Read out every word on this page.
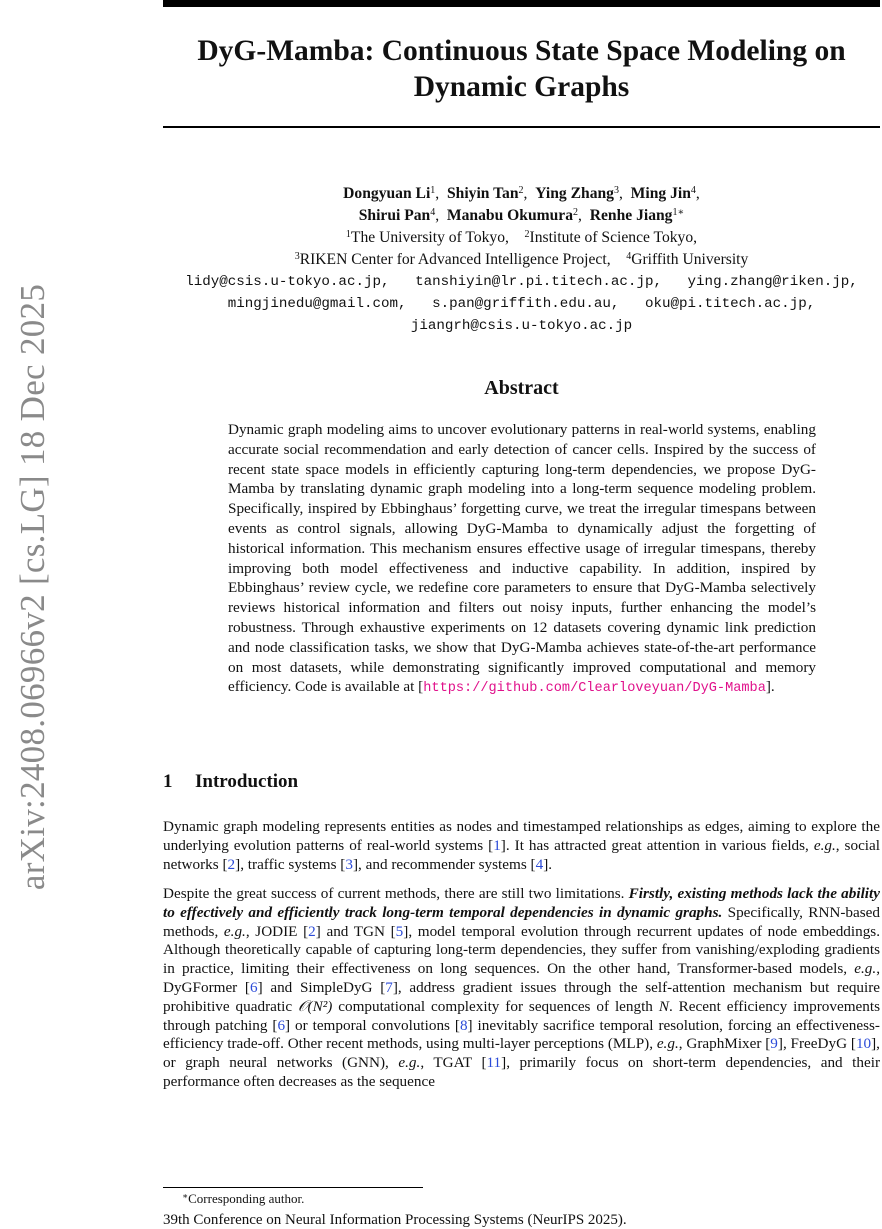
arXiv:2408.06966v2 [cs.LG] 18 Dec 2025
DyG-Mamba: Continuous State Space Modeling on
Dynamic Graphs
Dongyuan Li$^1$,  Shiyin Tan$^2$,  Ying Zhang$^3$,  Ming Jin$^4$,
Shirui Pan$^4$,  Manabu Okumura$^2$,  Renhe Jiang$^{1∗}$
$^1$The University of Tokyo,    $^2$Institute of Science Tokyo,
$^3$RIKEN Center for Advanced Intelligence Project,    $^4$Griffith University
lidy@csis.u-tokyo.ac.jp,   tanshiyin@lr.pi.titech.ac.jp,   ying.zhang@riken.jp,
mingjinedu@gmail.com,   s.pan@griffith.edu.au,   oku@pi.titech.ac.jp,
jiangrh@csis.u-tokyo.ac.jp
Abstract
Dynamic graph modeling aims to uncover evolutionary patterns in real-world systems, enabling accurate social recommendation and early detection of cancer cells. Inspired by the success of recent state space models in efficiently capturing long-term dependencies, we propose DyG-Mamba by translating dynamic graph modeling into a long-term sequence modeling problem. Specifically, inspired by Ebbinghaus’ forgetting curve, we treat the irregular timespans between events as control signals, allowing DyG-Mamba to dynamically adjust the forgetting of historical information. This mechanism ensures effective usage of irregular timespans, thereby improving both model effectiveness and inductive capability. In addition, inspired by Ebbinghaus’ review cycle, we redefine core parameters to ensure that DyG-Mamba selectively reviews historical information and filters out noisy inputs, further enhancing the model’s robustness. Through exhaustive experiments on 12 datasets covering dynamic link prediction and node classification tasks, we show that DyG-Mamba achieves state-of-the-art performance on most datasets, while demonstrating significantly improved computational and memory efficiency. Code is available at [https://github.com/Clearloveyuan/DyG-Mamba].
1 Introduction
Dynamic graph modeling represents entities as nodes and timestamped relationships as edges, aiming to explore the underlying evolution patterns of real-world systems [1]. It has attracted great attention in various fields, e.g., social networks [2], traffic systems [3], and recommender systems [4].
Despite the great success of current methods, there are still two limitations. Firstly, existing methods lack the ability to effectively and efficiently track long-term temporal dependencies in dynamic graphs. Specifically, RNN-based methods, e.g., JODIE [2] and TGN [5], model temporal evolution through recurrent updates of node embeddings. Although theoretically capable of capturing long-term dependencies, they suffer from vanishing/exploding gradients in practice, limiting their effectiveness on long sequences. On the other hand, Transformer-based models, e.g., DyGFormer [6] and SimpleDyG [7], address gradient issues through the self-attention mechanism but require prohibitive quadratic 𝒪(N²) computational complexity for sequences of length N. Recent efficiency improvements through patching [6] or temporal convolutions [8] inevitably sacrifice temporal resolution, forcing an effectiveness-efficiency trade-off. Other recent methods, using multi-layer perceptions (MLP), e.g., GraphMixer [9], FreeDyG [10], or graph neural networks (GNN), e.g., TGAT [11], primarily focus on short-term dependencies, and their performance often decreases as the sequence
∗Corresponding author.
39th Conference on Neural Information Processing Systems (NeurIPS 2025).
